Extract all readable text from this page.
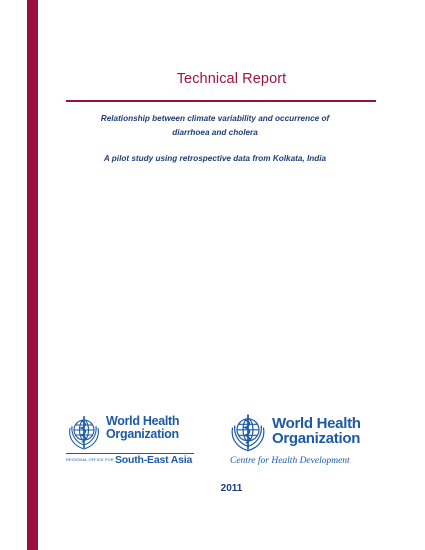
Technical Report
Relationship between climate variability and occurrence of
diarrhoea and cholera
A pilot study using retrospective data from Kolkata, India
World Health
Organization
REGIONAL OFFICE FOR South-East Asia
World Health
Organization
Centre for Health Development
2011
